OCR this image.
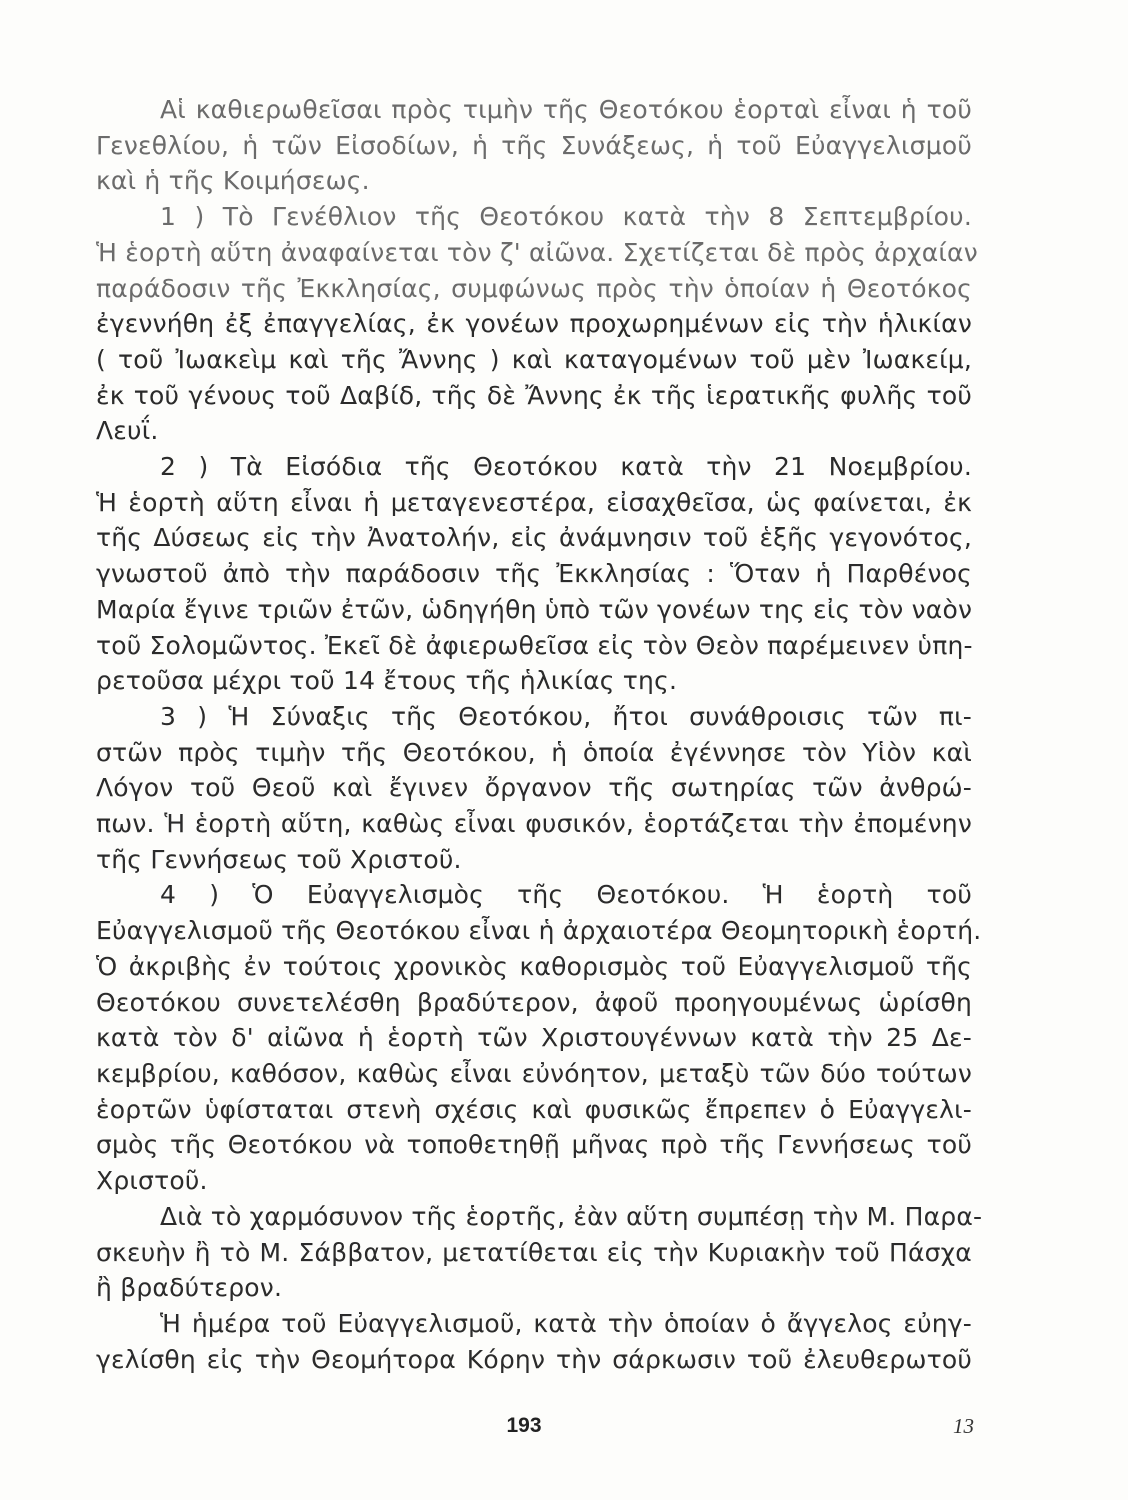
Αἱ καθιερωθεῖσαι πρὸς τιμὴν τῆς Θεοτόκου ἑορταὶ εἶναι ἡ τοῦ
Γενεθλίου, ἡ τῶν Εἰσοδίων, ἡ τῆς Συνάξεως, ἡ τοῦ Εὐαγγελισμοῦ
καὶ ἡ τῆς Κοιμήσεως.
1 ) Τὸ Γενέθλιον τῆς Θεοτόκου κατὰ τὴν 8 Σεπτεμβρίου.
Ἡ ἑορτὴ αὕτη ἀναφαίνεται τὸν ζ' αἰῶνα. Σχετίζεται δὲ πρὸς ἀρχαίαν
παράδοσιν τῆς Ἐκκλησίας, συμφώνως πρὸς τὴν ὁποίαν ἡ Θεοτόκος
ἐγεννήθη ἐξ ἐπαγγελίας, ἐκ γονέων προχωρημένων εἰς τὴν ἡλικίαν
( τοῦ Ἰωακεὶμ καὶ τῆς Ἄννης ) καὶ καταγομένων τοῦ μὲν Ἰωακείμ,
ἐκ τοῦ γένους τοῦ Δαβίδ, τῆς δὲ Ἄννης ἐκ τῆς ἱερατικῆς φυλῆς τοῦ
Λευΐ.
2 ) Τὰ Εἰσόδια τῆς Θεοτόκου κατὰ τὴν 21 Νοεμβρίου.
Ἡ ἑορτὴ αὕτη εἶναι ἡ μεταγενεστέρα, εἰσαχθεῖσα, ὡς φαίνεται, ἐκ
τῆς Δύσεως εἰς τὴν Ἀνατολήν, εἰς ἀνάμνησιν τοῦ ἑξῆς γεγονότος,
γνωστοῦ ἀπὸ τὴν παράδοσιν τῆς Ἐκκλησίας : Ὅταν ἡ Παρθένος
Μαρία ἔγινε τριῶν ἐτῶν, ὡδηγήθη ὑπὸ τῶν γονέων της εἰς τὸν ναὸν
τοῦ Σολομῶντος. Ἐκεῖ δὲ ἀφιερωθεῖσα εἰς τὸν Θεὸν παρέμεινεν ὑπη-
ρετοῦσα μέχρι τοῦ 14 ἔτους τῆς ἡλικίας της.
3 ) Ἡ Σύναξις τῆς Θεοτόκου, ἤτοι συνάθροισις τῶν πι-
στῶν πρὸς τιμὴν τῆς Θεοτόκου, ἡ ὁποία ἐγέννησε τὸν Υἱὸν καὶ
Λόγον τοῦ Θεοῦ καὶ ἔγινεν ὄργανον τῆς σωτηρίας τῶν ἀνθρώ-
πων. Ἡ ἑορτὴ αὕτη, καθὼς εἶναι φυσικόν, ἑορτάζεται τὴν ἐπομένην
τῆς Γεννήσεως τοῦ Χριστοῦ.
4 ) Ὁ Εὐαγγελισμὸς τῆς Θεοτόκου. Ἡ ἑορτὴ τοῦ
Εὐαγγελισμοῦ τῆς Θεοτόκου εἶναι ἡ ἀρχαιοτέρα Θεομητορικὴ ἑορτή.
Ὁ ἀκριβὴς ἐν τούτοις χρονικὸς καθορισμὸς τοῦ Εὐαγγελισμοῦ τῆς
Θεοτόκου συνετελέσθη βραδύτερον, ἀφοῦ προηγουμένως ὡρίσθη
κατὰ τὸν δ' αἰῶνα ἡ ἑορτὴ τῶν Χριστουγέννων κατὰ τὴν 25 Δε-
κεμβρίου, καθόσον, καθὼς εἶναι εὐνόητον, μεταξὺ τῶν δύο τούτων
ἑορτῶν ὑφίσταται στενὴ σχέσις καὶ φυσικῶς ἔπρεπεν ὁ Εὐαγγελι-
σμὸς τῆς Θεοτόκου νὰ τοποθετηθῇ μῆνας πρὸ τῆς Γεννήσεως τοῦ
Χριστοῦ.
Διὰ τὸ χαρμόσυνον τῆς ἑορτῆς, ἐὰν αὕτη συμπέσῃ τὴν Μ. Παρα-
σκευὴν ἢ τὸ Μ. Σάββατον, μετατίθεται εἰς τὴν Κυριακὴν τοῦ Πάσχα
ἢ βραδύτερον.
Ἡ ἡμέρα τοῦ Εὐαγγελισμοῦ, κατὰ τὴν ὁποίαν ὁ ἄγγελος εὐηγ-
γελίσθη εἰς τὴν Θεομήτορα Κόρην τὴν σάρκωσιν τοῦ ἐλευθερωτοῦ
193	13
